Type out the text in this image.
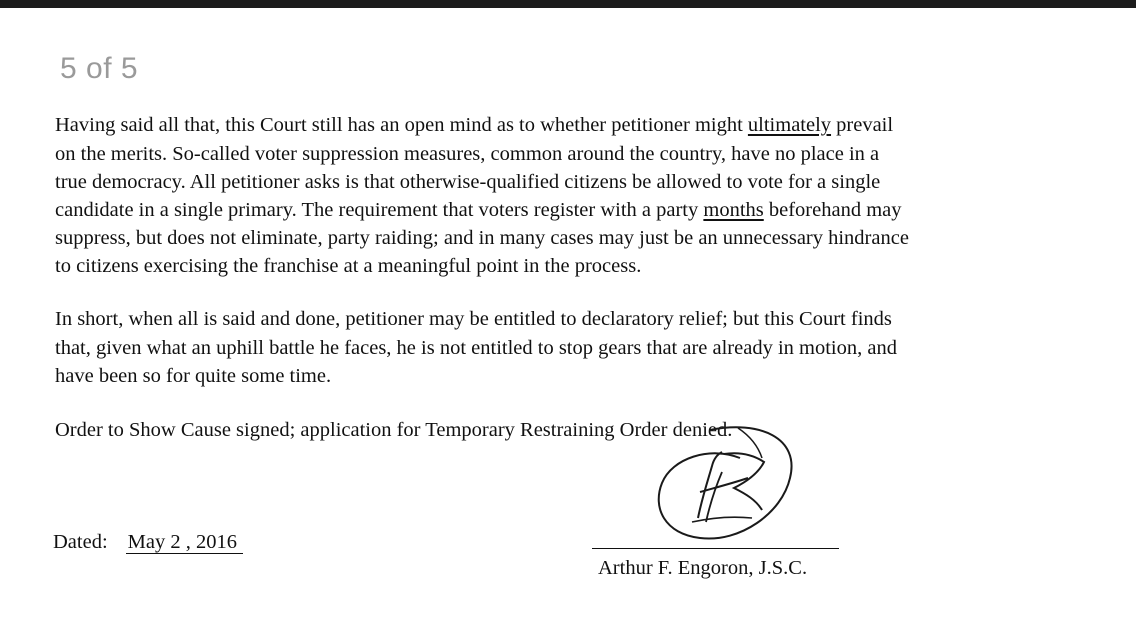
5 of 5
Having said all that, this Court still has an open mind as to whether petitioner might ultimately prevail
on the merits. So-called voter suppression measures, common around the country, have no place in a
true democracy. All petitioner asks is that otherwise-qualified citizens be allowed to vote for a single
candidate in a single primary. The requirement that voters register with a party months beforehand may
suppress, but does not eliminate, party raiding; and in many cases may just be an unnecessary hindrance
to citizens exercising the franchise at a meaningful point in the process.
In short, when all is said and done, petitioner may be entitled to declaratory relief; but this Court finds
that, given what an uphill battle he faces, he is not entitled to stop gears that are already in motion, and
have been so for quite some time.
Order to Show Cause signed; application for Temporary Restraining Order denied.
Dated: May 2 , 2016
Arthur F. Engoron, J.S.C.
